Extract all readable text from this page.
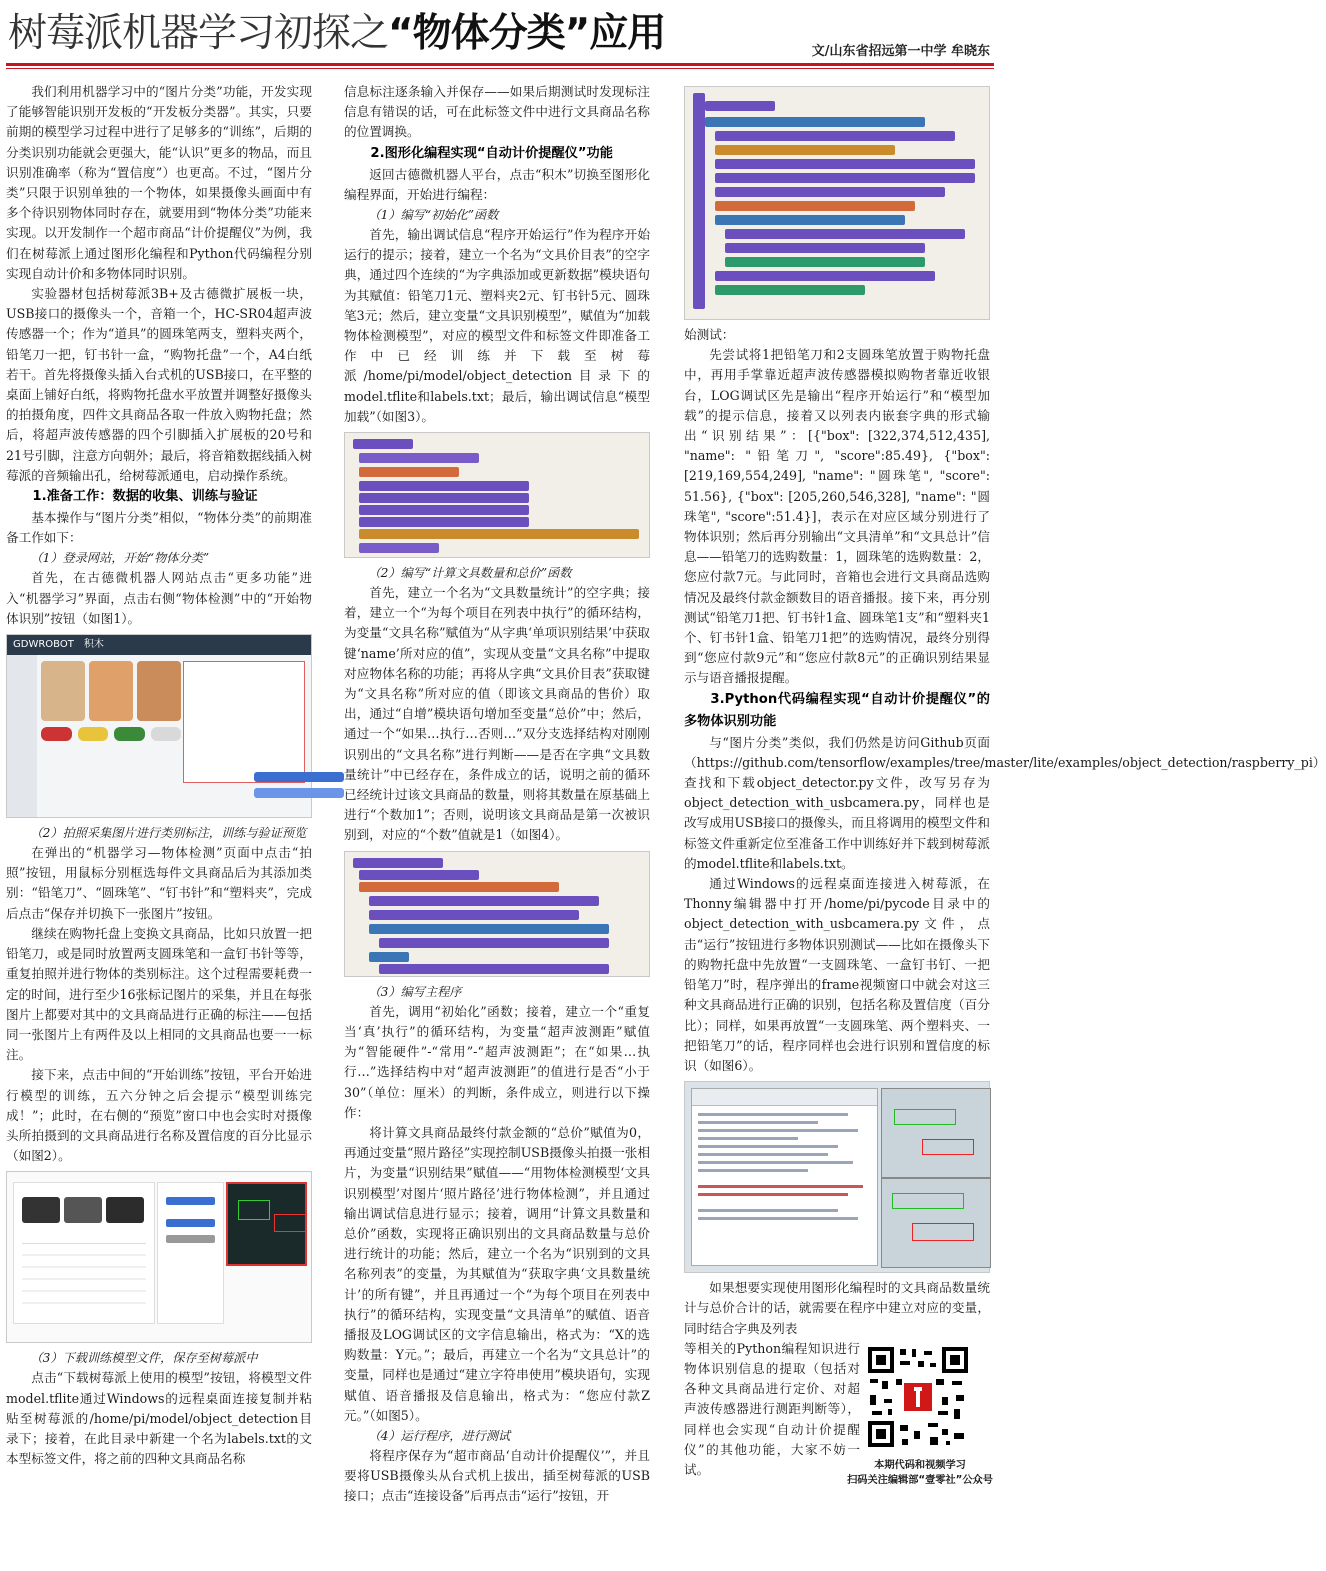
树莓派机器学习初探之“物体分类”应用	文/山东省招远第一中学 牟晓东

我们利用机器学习中的“图片分类”功能，开发实现了能够智能识别开发板的“开发板分类器”。其实，只要前期的模型学习过程中进行了足够多的“训练”，后期的分类识别功能就会更强大，能“认识”更多的物品，而且识别准确率（称为“置信度”）也更高。不过，“图片分类”只限于识别单独的一个物体，如果摄像头画面中有多个待识别物体同时存在，就要用到“物体分类”功能来实现。以开发制作一个超市商品“计价提醒仪”为例，我们在树莓派上通过图形化编程和Python代码编程分别实现自动计价和多物体同时识别。

实验器材包括树莓派3B+及古德微扩展板一块，USB接口的摄像头一个，音箱一个，HC-SR04超声波传感器一个；作为“道具”的圆珠笔两支，塑料夹两个，铅笔刀一把，钉书针一盒，“购物托盘”一个，A4白纸若干。首先将摄像头插入台式机的USB接口，在平整的桌面上铺好白纸，将购物托盘水平放置并调整好摄像头的拍摄角度，四件文具商品各取一件放入购物托盘；然后，将超声波传感器的四个引脚插入扩展板的20号和21号引脚，注意方向朝外；最后，将音箱数据线插入树莓派的音频输出孔，给树莓派通电，启动操作系统。

1.准备工作：数据的收集、训练与验证

基本操作与“图片分类”相似，“物体分类”的前期准备工作如下：

（1）登录网站，开始“物体分类”

首先，在古德微机器人网站点击“更多功能”进入“机器学习”界面，点击右侧“物体检测”中的“开始物体识别”按钮（如图1）。

GDWROBOT　 积木
（2）拍照采集图片进行类别标注，训练与验证预览

在弹出的“机器学习—物体检测”页面中点击“拍照”按钮，用鼠标分别框选每件文具商品后为其添加类别：“铅笔刀”、“圆珠笔”、“钉书针”和“塑料夹”，完成后点击“保存并切换下一张图片”按钮。

继续在购物托盘上变换文具商品，比如只放置一把铅笔刀，或是同时放置两支圆珠笔和一盒钉书针等等，重复拍照并进行物体的类别标注。这个过程需要耗费一定的时间，进行至少16张标记图片的采集，并且在每张图片上都要对其中的文具商品进行正确的标注——包括同一张图片上有两件及以上相同的文具商品也要一一标注。

接下来，点击中间的“开始训练”按钮，平台开始进行模型的训练，五六分钟之后会提示“模型训练完成！”；此时，在右侧的“预览”窗口中也会实时对摄像头所拍摄到的文具商品进行名称及置信度的百分比显示（如图2）。

（3）下载训练模型文件，保存至树莓派中

点击“下载树莓派上使用的模型”按钮，将模型文件model.tflite通过Windows的远程桌面连接复制并粘贴至树莓派的/home/pi/model/object_detection目录下；接着，在此目录中新建一个名为labels.txt的文本型标签文件，将之前的四种文具商品名称

信息标注逐条输入并保存——如果后期测试时发现标注信息有错误的话，可在此标签文件中进行文具商品名称的位置调换。

2.图形化编程实现“自动计价提醒仪”功能

返回古德微机器人平台，点击“积木”切换至图形化编程界面，开始进行编程：

（1）编写“初始化”函数

首先，输出调试信息“程序开始运行”作为程序开始运行的提示；接着，建立一个名为“文具价目表”的空字典，通过四个连续的“为字典添加或更新数据”模块语句为其赋值：铅笔刀1元、塑料夹2元、钉书针5元、圆珠笔3元；然后，建立变量“文具识别模型”，赋值为“加载物体检测模型”，对应的模型文件和标签文件即准备工作中已经训练并下载至树莓派/home/pi/model/object_detection目录下的model.tflite和labels.txt；最后，输出调试信息“模型加载”（如图3）。

（2）编写“计算文具数量和总价”函数

首先，建立一个名为“文具数量统计”的空字典；接着，建立一个“为每个项目在列表中执行”的循环结构，为变量“文具名称”赋值为“从字典‘单项识别结果’中获取键‘name’所对应的值”，实现从变量“文具名称”中提取对应物体名称的功能；再将从字典“文具价目表”获取键为“文具名称”所对应的值（即该文具商品的售价）取出，通过“自增”模块语句增加至变量“总价”中；然后，通过一个“如果…执行…否则…”双分支选择结构对刚刚识别出的“文具名称”进行判断——是否在字典“文具数量统计”中已经存在，条件成立的话，说明之前的循环已经统计过该文具商品的数量，则将其数量在原基础上进行“个数加1”；否则，说明该文具商品是第一次被识别到，对应的“个数”值就是1（如图4）。

（3）编写主程序

首先，调用“初始化”函数；接着，建立一个“重复当‘真’执行”的循环结构，为变量“超声波测距”赋值为“智能硬件”-“常用”-“超声波测距”；在“如果…执行…”选择结构中对“超声波测距”的值进行是否“小于30”（单位：厘米）的判断，条件成立，则进行以下操作：

将计算文具商品最终付款金额的“总价”赋值为0，再通过变量“照片路径”实现控制USB摄像头拍摄一张相片，为变量“识别结果”赋值——“用物体检测模型‘文具识别模型’对图片‘照片路径’进行物体检测”，并且通过输出调试信息进行显示；接着，调用“计算文具数量和总价”函数，实现将正确识别出的文具商品数量与总价进行统计的功能；然后，建立一个名为“识别到的文具名称列表”的变量，为其赋值为“获取字典‘文具数量统计’的所有键”，并且再通过一个“为每个项目在列表中执行”的循环结构，实现变量“文具清单”的赋值、语音播报及LOG调试区的文字信息输出，格式为：“X的选购数量：Y元。”；最后，再建立一个名为“文具总计”的变量，同样也是通过“建立字符串使用”模块语句，实现赋值、语音播报及信息输出，格式为：“您应付款Z元。”（如图5）。

（4）运行程序，进行测试

将程序保存为“超市商品‘自动计价提醒仪’”，并且要将USB摄像头从台式机上拔出，插至树莓派的USB接口；点击“连接设备”后再点击“运行”按钮，开

始测试：

先尝试将1把铅笔刀和2支圆珠笔放置于购物托盘中，再用手掌靠近超声波传感器模拟购物者靠近收银台，LOG调试区先是输出“程序开始运行”和“模型加载”的提示信息，接着又以列表内嵌套字典的形式输出“识别结果”：[{"box": [322,374,512,435], "name": "铅笔刀", "score":85.49}, {"box": [219,169,554,249], "name": "圆珠笔", "score": 51.56}, {"box": [205,260,546,328], "name": "圆珠笔", "score":51.4}]，表示在对应区域分别进行了物体识别；然后再分别输出“文具清单”和“文具总计”信息——铅笔刀的选购数量：1，圆珠笔的选购数量：2，您应付款7元。与此同时，音箱也会进行文具商品选购情况及最终付款金额数目的语音播报。接下来，再分别测试“铅笔刀1把、钉书针1盒、圆珠笔1支”和“塑料夹1个、钉书针1盒、铅笔刀1把”的选购情况，最终分别得到“您应付款9元”和“您应付款8元”的正确识别结果显示与语音播报提醒。

3.Python代码编程实现“自动计价提醒仪”的多物体识别功能

与“图片分类”类似，我们仍然是访问Github页面（https://github.com/tensorflow/examples/tree/master/lite/examples/object_detection/raspberry_pi）查找和下载object_detector.py文件，改写另存为object_detection_with_usbcamera.py，同样也是改写成用USB接口的摄像头，而且将调用的模型文件和标签文件重新定位至准备工作中训练好并下载到树莓派的model.tflite和labels.txt。

通过Windows的远程桌面连接进入树莓派，在Thonny编辑器中打开/home/pi/pycode目录中的object_detection_with_usbcamera.py文件，点击“运行”按钮进行多物体识别测试——比如在摄像头下的购物托盘中先放置“一支圆珠笔、一盒钉书钉、一把铅笔刀”时，程序弹出的frame视频窗口中就会对这三种文具商品进行正确的识别，包括名称及置信度（百分比）；同样，如果再放置“一支圆珠笔、两个塑料夹、一把铅笔刀”的话，程序同样也会进行识别和置信度的标识（如图6）。

如果想要实现使用图形化编程时的文具商品数量统计与总价合计的话，就需要在程序中建立对应的变量，同时结合字典及列表

等相关的Python编程知识进行物体识别信息的提取（包括对各种文具商品进行定价、对超声波传感器进行测距判断等），同样也会实现“自动计价提醒仪”的其他功能，大家不妨一试。	本期代码和视频学习
扫码关注编辑部“壹零社”公众号
